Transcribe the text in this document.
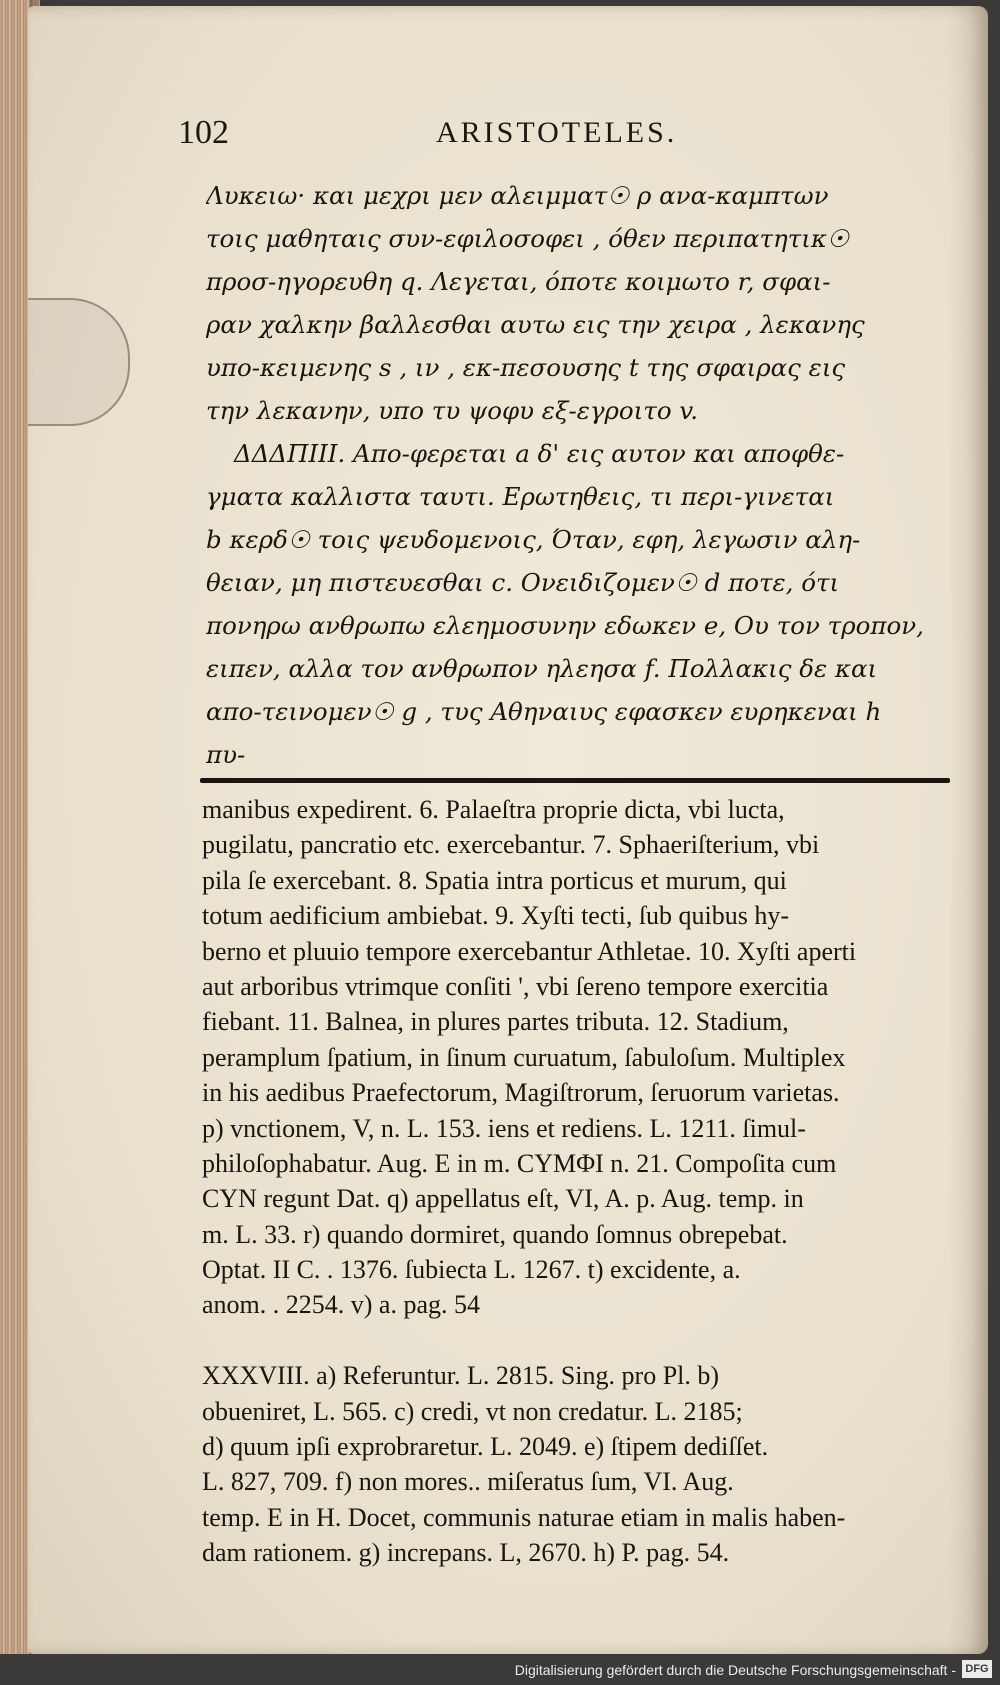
102	ARISTOTELES.
Λυκειω· και μεχρι μεν αλειμματ☉ ρ ανα-καμπτων
τοις μαθηταις συν-εφιλοσοφει , όθεν περιπατητικ☉
προσ-ηγορευθη q. Λεγεται, όποτε κοιμωτο r, σφαι-
ραν χαλκην βαλλεσθαι αυτω εις την χειρα , λεκανης
υπο-κειμενης s , ιν , εκ-πεσουσης t της σφαιρας εις
την λεκανην, υπο τυ ψοφυ εξ-εγροιτο v.
ΔΔΔΠΙΙΙ. Απο-φερεται a δ' εις αυτον και αποφθε-
γματα καλλιστα ταυτι. Ερωτηθεις, τι περι-γινεται
b κερδ☉ τοις ψευδομενοις, Όταν, εφη, λεγωσιν αλη-
θειαν, μη πιστευεσθαι c. Ονειδιζομεν☉ d ποτε, ότι
πονηρω ανθρωπω ελεημοσυνην εδωκεν e, Ου τον τροπον,
ειπεν, αλλα τον ανθρωπον ηλεησα f. Πολλακις δε και
απο-τεινομεν☉ g , τυς Αθηναιυς εφασκεν ευρηκεναι h
πυ-
manibus expedirent. 6. Palaeſtra proprie dicta, vbi lucta,
pugilatu, pancratio etc. exercebantur. 7. Sphaeriſterium, vbi
pila ſe exercebant. 8. Spatia intra porticus et murum, qui
totum aedificium ambiebat. 9. Xyſti tecti, ſub quibus hy-
berno et pluuio tempore exercebantur Athletae. 10. Xyſti aperti
aut arboribus vtrimque conſiti ', vbi ſereno tempore exercitia
fiebant. 11. Balnea, in plures partes tributa. 12. Stadium,
peramplum ſpatium, in ſinum curuatum, ſabuloſum. Multiplex
in his aedibus Praefectorum, Magiſtrorum, ſeruorum varietas.
p) vnctionem, V, n. L. 153. iens et rediens. L. 1211. ſimul-
philoſophabatur. Aug. E in m. CYMΦI n. 21. Compoſita cum
CYN regunt Dat. q) appellatus eſt, VI, A. p. Aug. temp. in
m. L. 33. r) quando dormiret, quando ſomnus obrepebat.
Optat. II C. . 1376. ſubiecta L. 1267. t) excidente, a.
anom. . 2254. v) a. pag. 54
XXXVIII. a) Referuntur. L. 2815. Sing. pro Pl. b)
obueniret, L. 565. c) credi, vt non credatur. L. 2185;
d) quum ipſi exprobraretur. L. 2049. e) ſtipem dediſſet.
L. 827, 709. f) non mores.. miſeratus ſum, VI. Aug.
temp. E in H. Docet, communis naturae etiam in malis haben-
dam rationem. g) increpans. L, 2670. h) P. pag. 54.
Digitalisierung gefördert durch die Deutsche Forschungsgemeinschaft - DFG
